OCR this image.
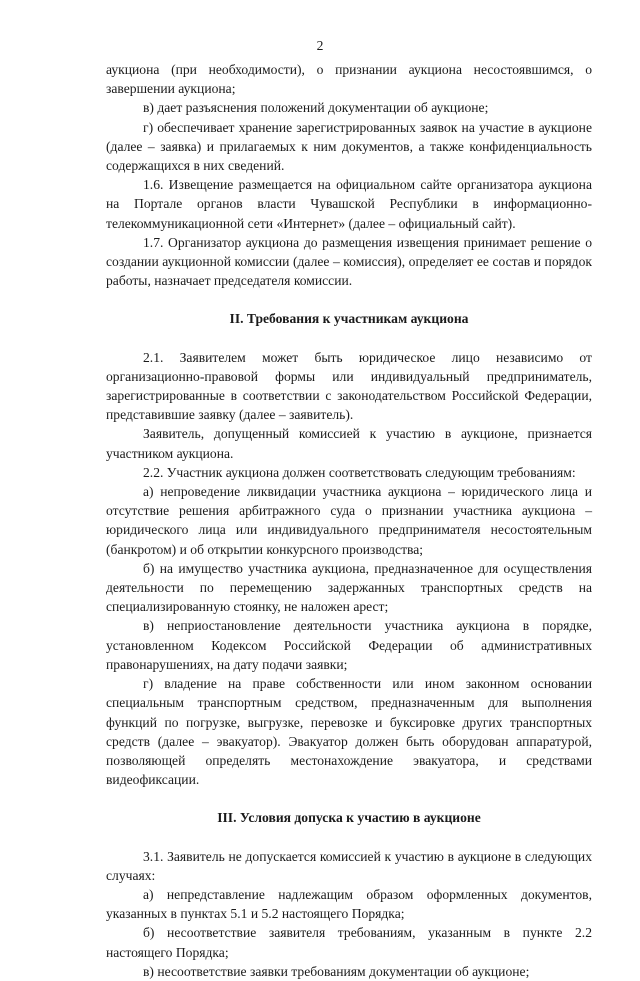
2

аукциона (при необходимости), о признании аукциона несостоявшимся, о завершении аукциона;

в) дает разъяснения положений документации об аукционе;

г) обеспечивает хранение зарегистрированных заявок на участие в аукционе (далее – заявка) и прилагаемых к ним документов, а также конфиденциальность содержащихся в них сведений.

1.6. Извещение размещается на официальном сайте организатора аукциона на Портале органов власти Чувашской Республики в информационно-телекоммуникационной сети «Интернет» (далее – официальный сайт).

1.7. Организатор аукциона до размещения извещения принимает решение о создании аукционной комиссии (далее – комиссия), определяет ее состав и порядок работы, назначает председателя комиссии.

II. Требования к участникам аукциона

2.1. Заявителем может быть юридическое лицо независимо от организационно-правовой формы или индивидуальный предприниматель, зарегистрированные в соответствии с законодательством Российской Федерации, представившие заявку (далее – заявитель).

Заявитель, допущенный комиссией к участию в аукционе, признается участником аукциона.

2.2. Участник аукциона должен соответствовать следующим требованиям:

а) непроведение ликвидации участника аукциона – юридического лица и отсутствие решения арбитражного суда о признании участника аукциона – юридического лица или индивидуального предпринимателя несостоятельным (банкротом) и об открытии конкурсного производства;

б) на имущество участника аукциона, предназначенное для осуществления деятельности по перемещению задержанных транспортных средств на специализированную стоянку, не наложен арест;

в) неприостановление деятельности участника аукциона в порядке, установленном Кодексом Российской Федерации об административных правонарушениях, на дату подачи заявки;

г) владение на праве собственности или ином законном основании специальным транспортным средством, предназначенным для выполнения функций по погрузке, выгрузке, перевозке и буксировке других транспортных средств (далее – эвакуатор). Эвакуатор должен быть оборудован аппаратурой, позволяющей определять местонахождение эвакуатора, и средствами видеофиксации.

III. Условия допуска к участию в аукционе

3.1. Заявитель не допускается комиссией к участию в аукционе в следующих случаях:

а) непредставление надлежащим образом оформленных документов, указанных в пунктах 5.1 и 5.2 настоящего Порядка;

б) несоответствие заявителя требованиям, указанным в пункте 2.2 настоящего Порядка;

в) несоответствие заявки требованиям документации об аукционе;
